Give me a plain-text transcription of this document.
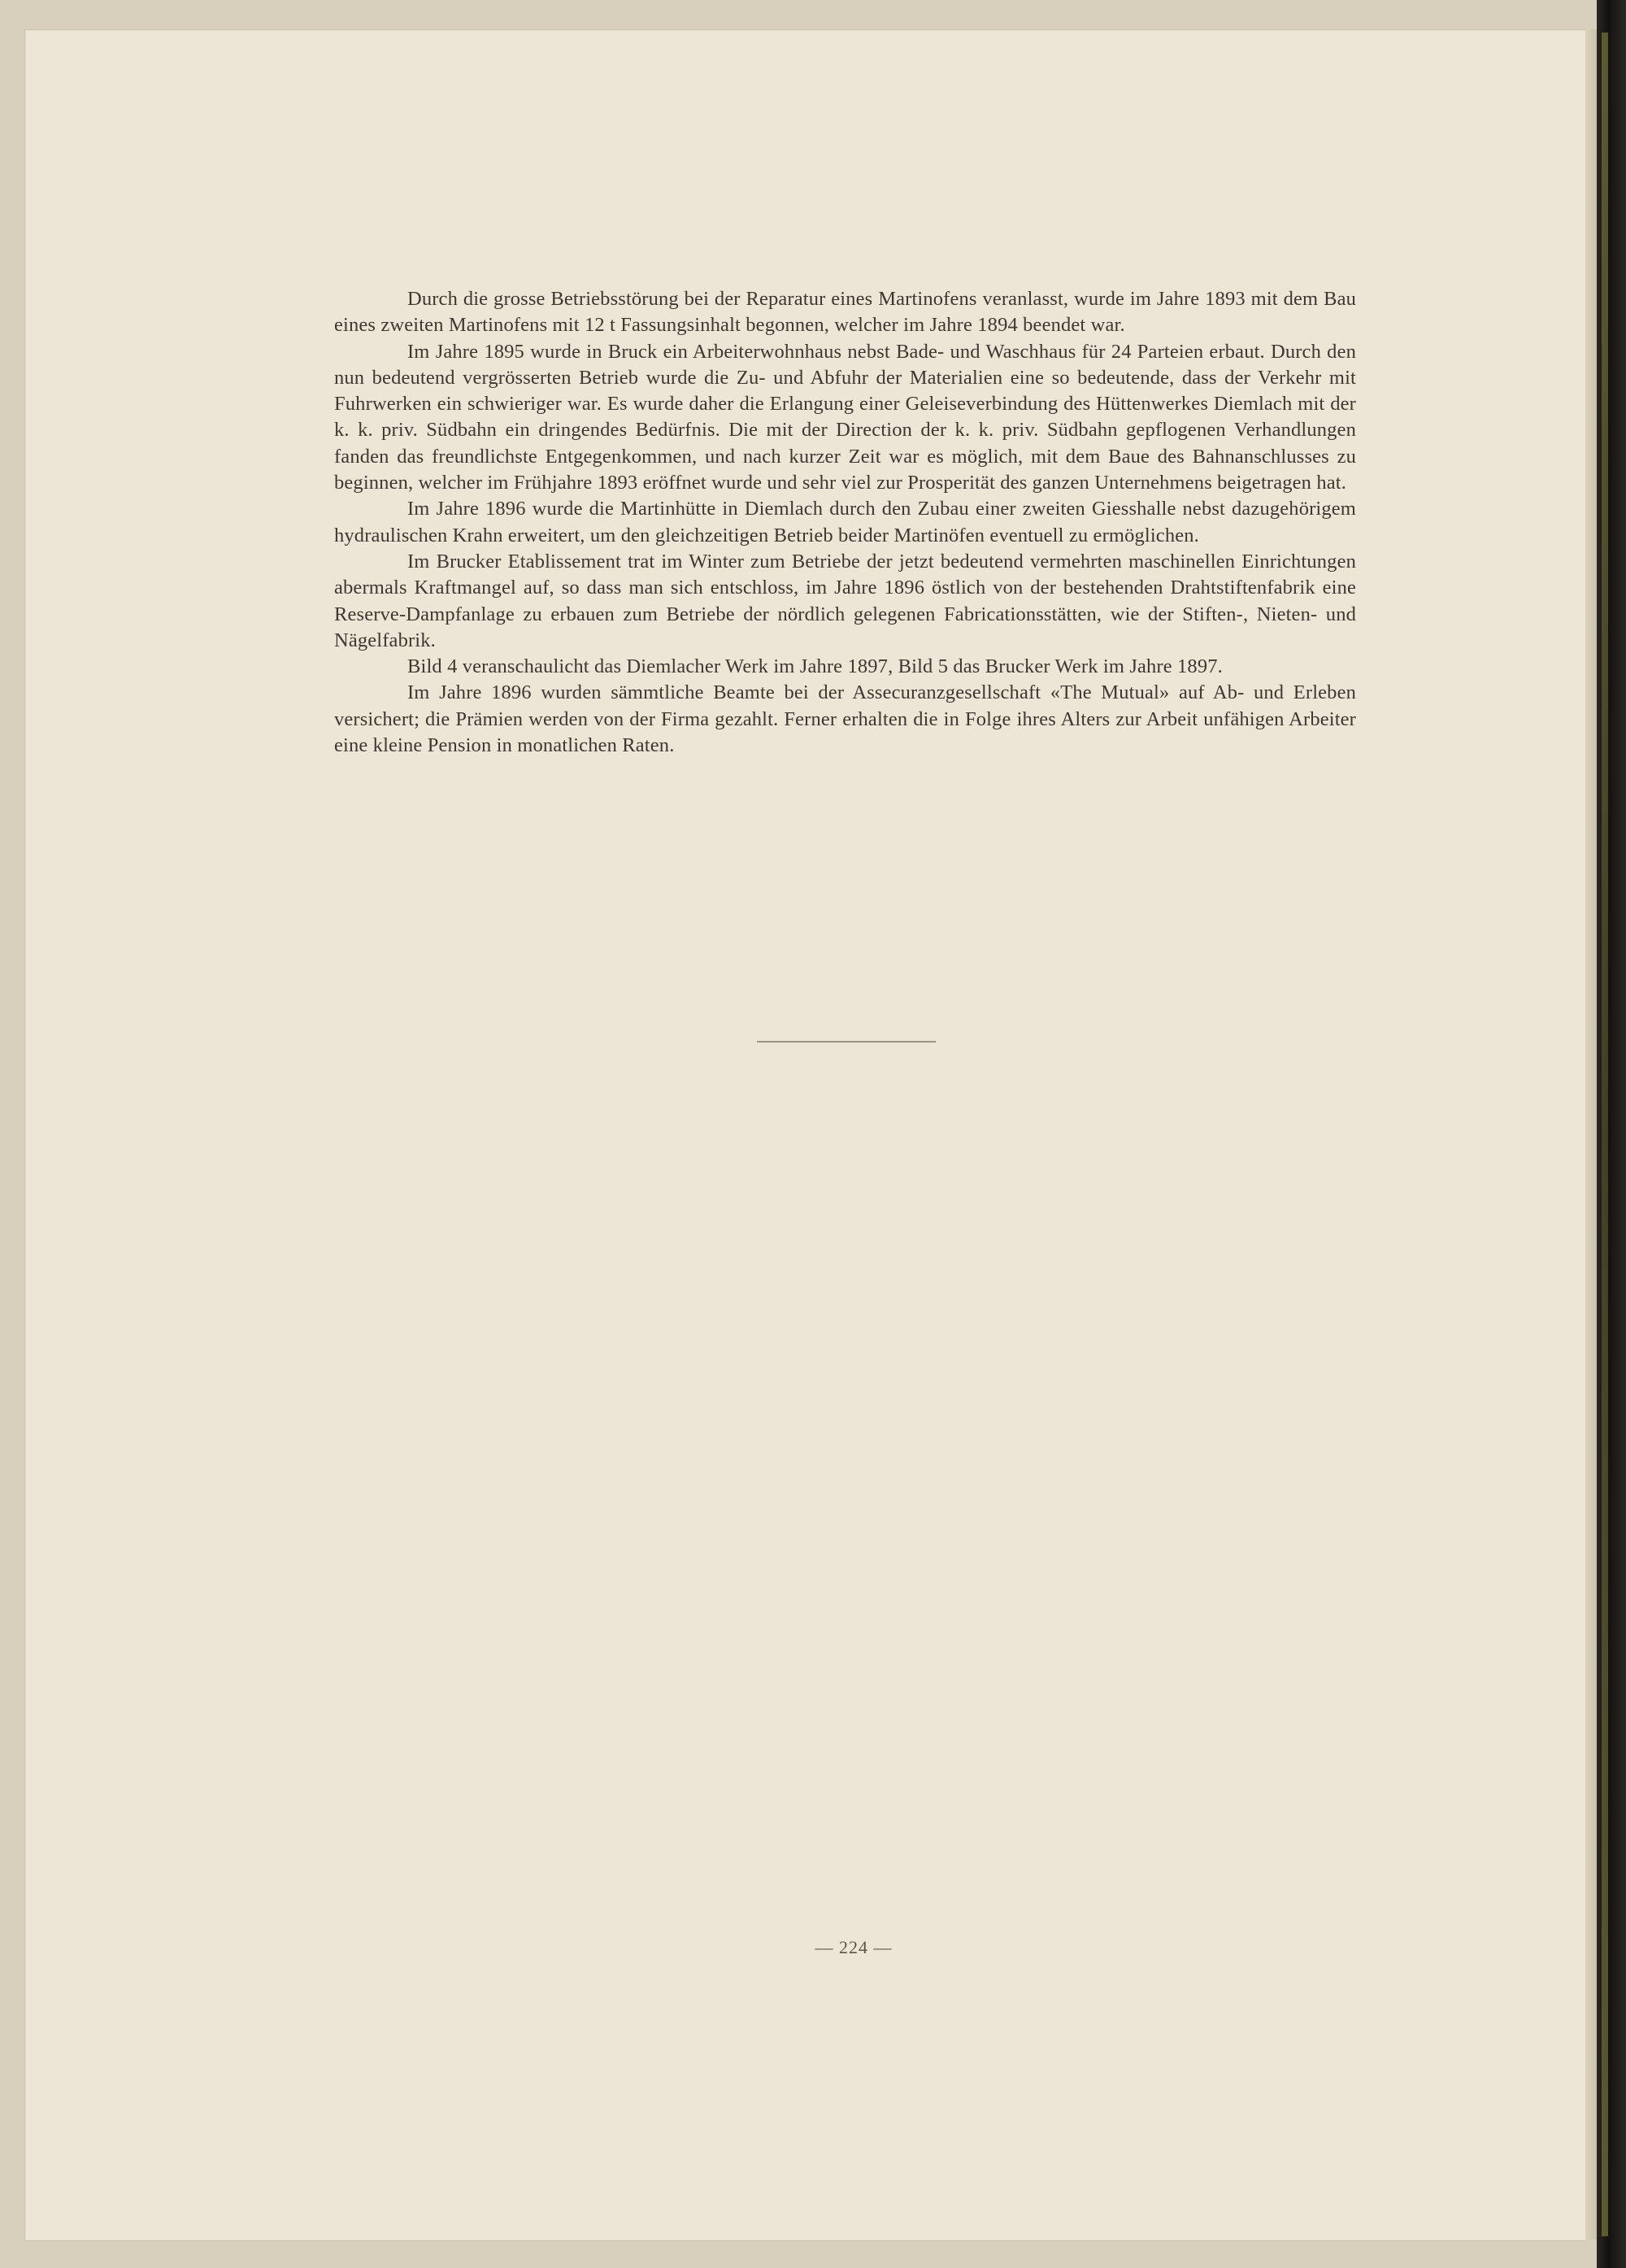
Durch die grosse Betriebsstörung bei der Reparatur eines Martinofens veranlasst, wurde im Jahre 1893 mit dem Bau eines zweiten Martinofens mit 12 t Fassungsinhalt begonnen, welcher im Jahre 1894 beendet war.

Im Jahre 1895 wurde in Bruck ein Arbeiterwohnhaus nebst Bade- und Waschhaus für 24 Parteien erbaut. Durch den nun bedeutend vergrösserten Betrieb wurde die Zu- und Abfuhr der Materialien eine so bedeutende, dass der Verkehr mit Fuhrwerken ein schwieriger war. Es wurde daher die Erlangung einer Geleiseverbindung des Hüttenwerkes Diemlach mit der k. k. priv. Südbahn ein dringendes Bedürfnis. Die mit der Direction der k. k. priv. Südbahn gepflogenen Verhandlungen fanden das freundlichste Entgegenkommen, und nach kurzer Zeit war es möglich, mit dem Baue des Bahnanschlusses zu beginnen, welcher im Frühjahre 1893 eröffnet wurde und sehr viel zur Prosperität des ganzen Unternehmens beigetragen hat.

Im Jahre 1896 wurde die Martinhütte in Diemlach durch den Zubau einer zweiten Giesshalle nebst dazugehörigem hydraulischen Krahn erweitert, um den gleichzeitigen Betrieb beider Martinöfen eventuell zu ermöglichen.

Im Brucker Etablissement trat im Winter zum Betriebe der jetzt bedeutend vermehrten maschinellen Einrichtungen abermals Kraftmangel auf, so dass man sich entschloss, im Jahre 1896 östlich von der bestehenden Drahtstiftenfabrik eine Reserve-Dampfanlage zu erbauen zum Betriebe der nördlich gelegenen Fabricationsstätten, wie der Stiften-, Nieten- und Nägelfabrik.

Bild 4 veranschaulicht das Diemlacher Werk im Jahre 1897, Bild 5 das Brucker Werk im Jahre 1897.

Im Jahre 1896 wurden sämmtliche Beamte bei der Assecuranzgesellschaft «The Mutual» auf Ab- und Erleben versichert; die Prämien werden von der Firma gezahlt. Ferner erhalten die in Folge ihres Alters zur Arbeit unfähigen Arbeiter eine kleine Pension in monatlichen Raten.

— 224 —
